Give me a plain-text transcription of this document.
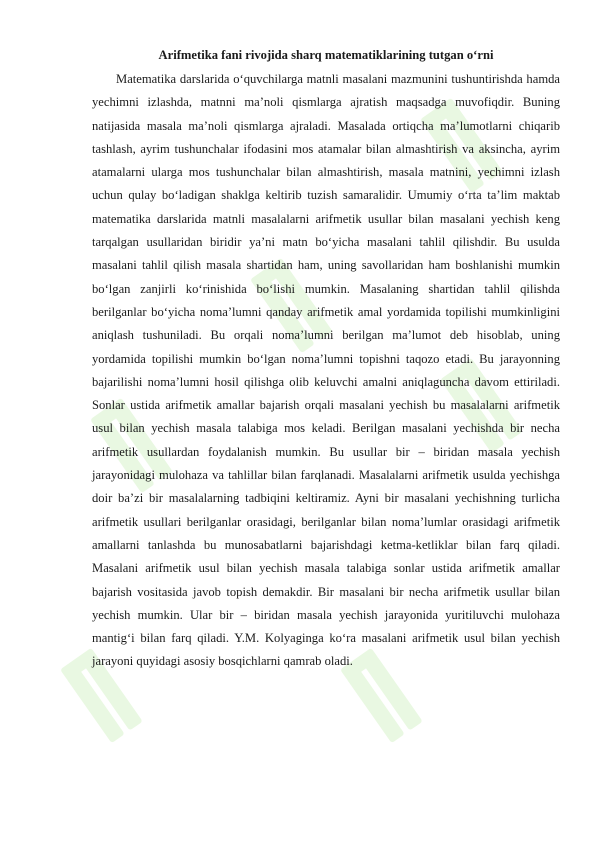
Arifmetika fani rivojida sharq matematiklarining tutgan o‘rni

Matematika darslarida o‘quvchilarga matnli masalani mazmunini tushuntirishda hamda yechimni izlashda, matnni ma’noli qismlarga ajratish maqsadga muvofiqdir. Buning natijasida masala ma’noli qismlarga ajraladi. Masalada ortiqcha ma’lumotlarni chiqarib tashlash, ayrim tushunchalar ifodasini mos atamalar bilan almashtirish va aksincha, ayrim atamalarni ularga mos tushunchalar bilan almashtirish, masala matnini, yechimni izlash uchun qulay bo‘ladigan shaklga keltirib tuzish samaralidir. Umumiy o‘rta ta’lim maktab matematika darslarida matnli masalalarni arifmetik usullar bilan masalani yechish keng tarqalgan usullaridan biridir ya’ni matn bo‘yicha masalani tahlil qilishdir. Bu usulda masalani tahlil qilish masala shartidan ham, uning savollaridan ham boshlanishi mumkin bo‘lgan zanjirli ko‘rinishida bo‘lishi mumkin. Masalaning shartidan tahlil qilishda berilganlar bo‘yicha noma’lumni qanday arifmetik amal yordamida topilishi mumkinligini aniqlash tushuniladi. Bu orqali noma’lumni berilgan ma’lumot deb hisoblab, uning yordamida topilishi mumkin bo‘lgan noma’lumni topishni taqozo etadi. Bu jarayonning bajarilishi noma’lumni hosil qilishga olib keluvchi amalni aniqlaguncha davom ettiriladi. Sonlar ustida arifmetik amallar bajarish orqali masalani yechish bu masalalarni arifmetik usul bilan yechish masala talabiga mos keladi. Berilgan masalani yechishda bir necha arifmetik usullardan foydalanish mumkin. Bu usullar bir – biridan masala yechish jarayonidagi mulohaza va tahlillar bilan farqlanadi. Masalalarni arifmetik usulda yechishga doir ba’zi bir masalalarning tadbiqini keltiramiz. Ayni bir masalani yechishning turlicha arifmetik usullari berilganlar orasidagi, berilganlar bilan noma’lumlar orasidagi arifmetik amallarni tanlashda bu munosabatlarni bajarishdagi ketma-ketliklar bilan farq qiladi. Masalani arifmetik usul bilan yechish masala talabiga sonlar ustida arifmetik amallar bajarish vositasida javob topish demakdir. Bir masalani bir necha arifmetik usullar bilan yechish mumkin. Ular bir – biridan masala yechish jarayonida yuritiluvchi mulohaza mantig‘i bilan farq qiladi. Y.M. Kolyaginga ko‘ra masalani arifmetik usul bilan yechish jarayoni quyidagi asosiy bosqichlarni qamrab oladi.
